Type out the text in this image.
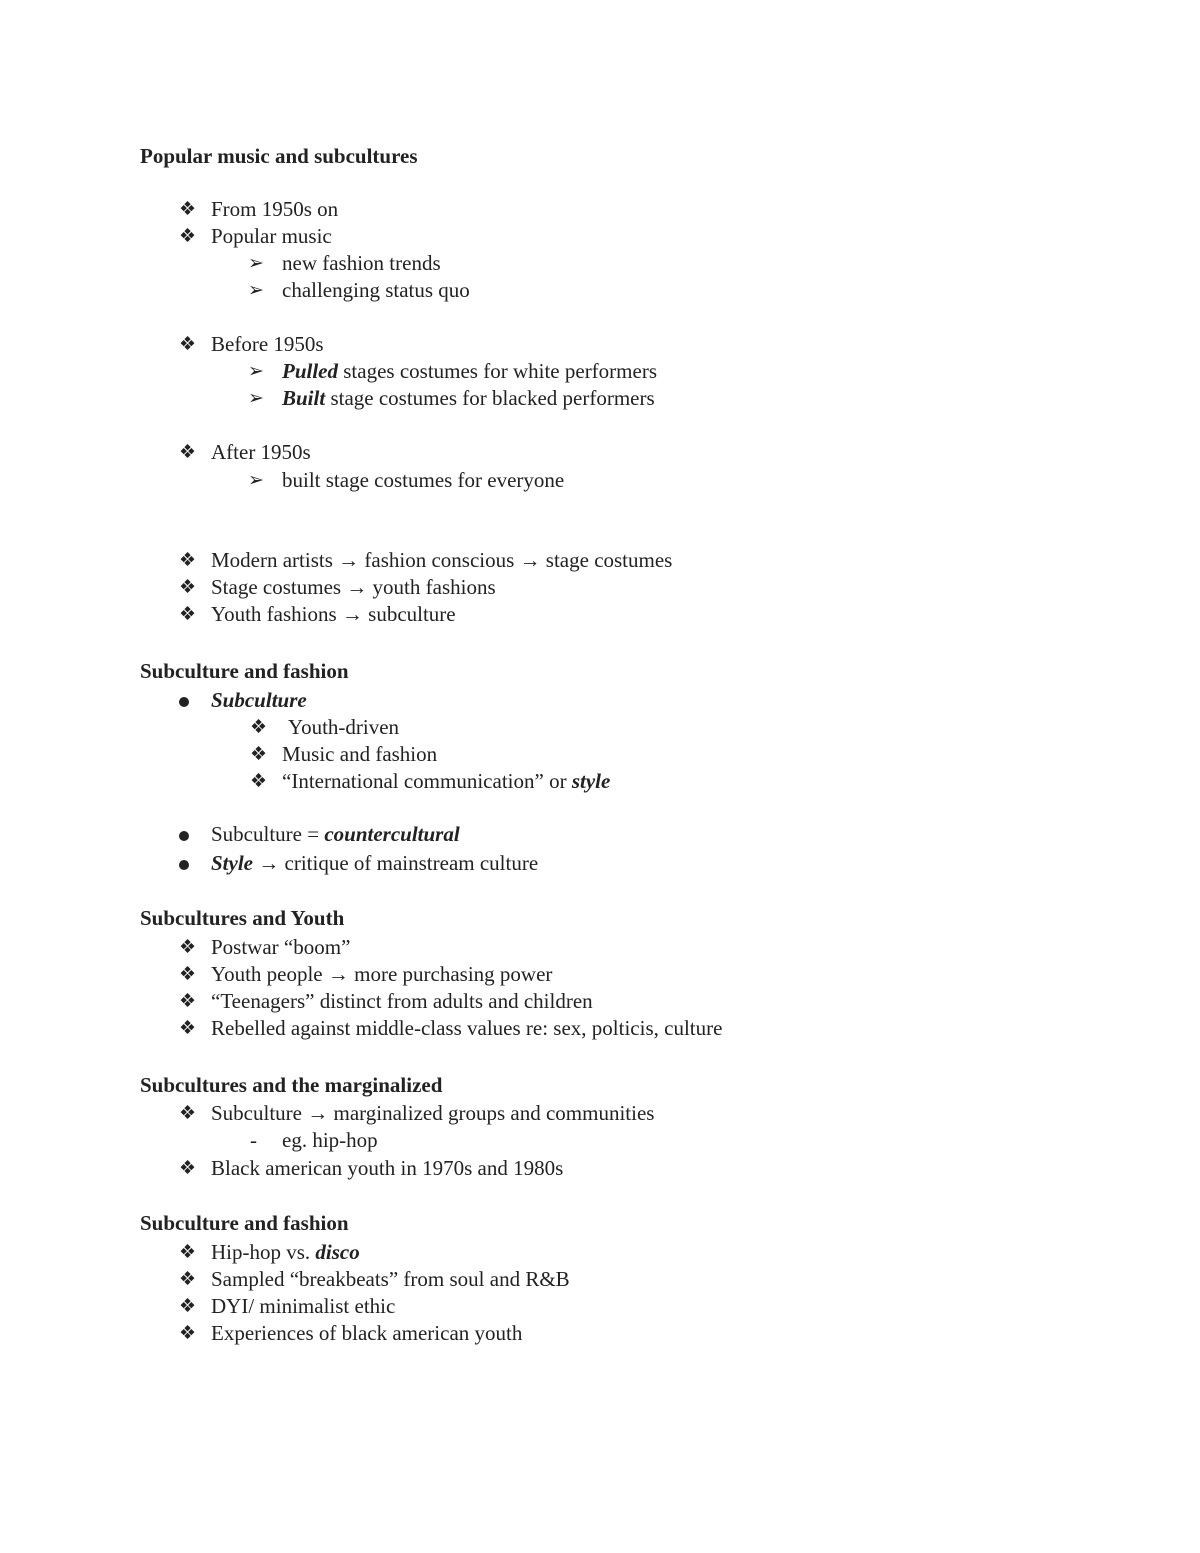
Popular music and subcultures
❖ From 1950s on
❖ Popular music
➢ new fashion trends
➢ challenging status quo
❖ Before 1950s
➢ Pulled stages costumes for white performers
➢ Built stage costumes for blacked performers
❖ After 1950s
➢ built stage costumes for everyone
❖ Modern artists → fashion conscious → stage costumes
❖ Stage costumes → youth fashions
❖ Youth fashions → subculture
Subculture and fashion
Subculture
❖ Youth-driven
❖ Music and fashion
❖ “International communication” or style
Subculture = countercultural
Style → critique of mainstream culture
Subcultures and Youth
❖ Postwar “boom”
❖ Youth people → more purchasing power
❖ “Teenagers” distinct from adults and children
❖ Rebelled against middle-class values re: sex, polticis, culture
Subcultures and the marginalized
❖ Subculture → marginalized groups and communities
- eg. hip-hop
❖ Black american youth in 1970s and 1980s
Subculture and fashion
❖ Hip-hop vs. disco
❖ Sampled “breakbeats” from soul and R&B
❖ DYI/ minimalist ethic
❖ Experiences of black american youth
